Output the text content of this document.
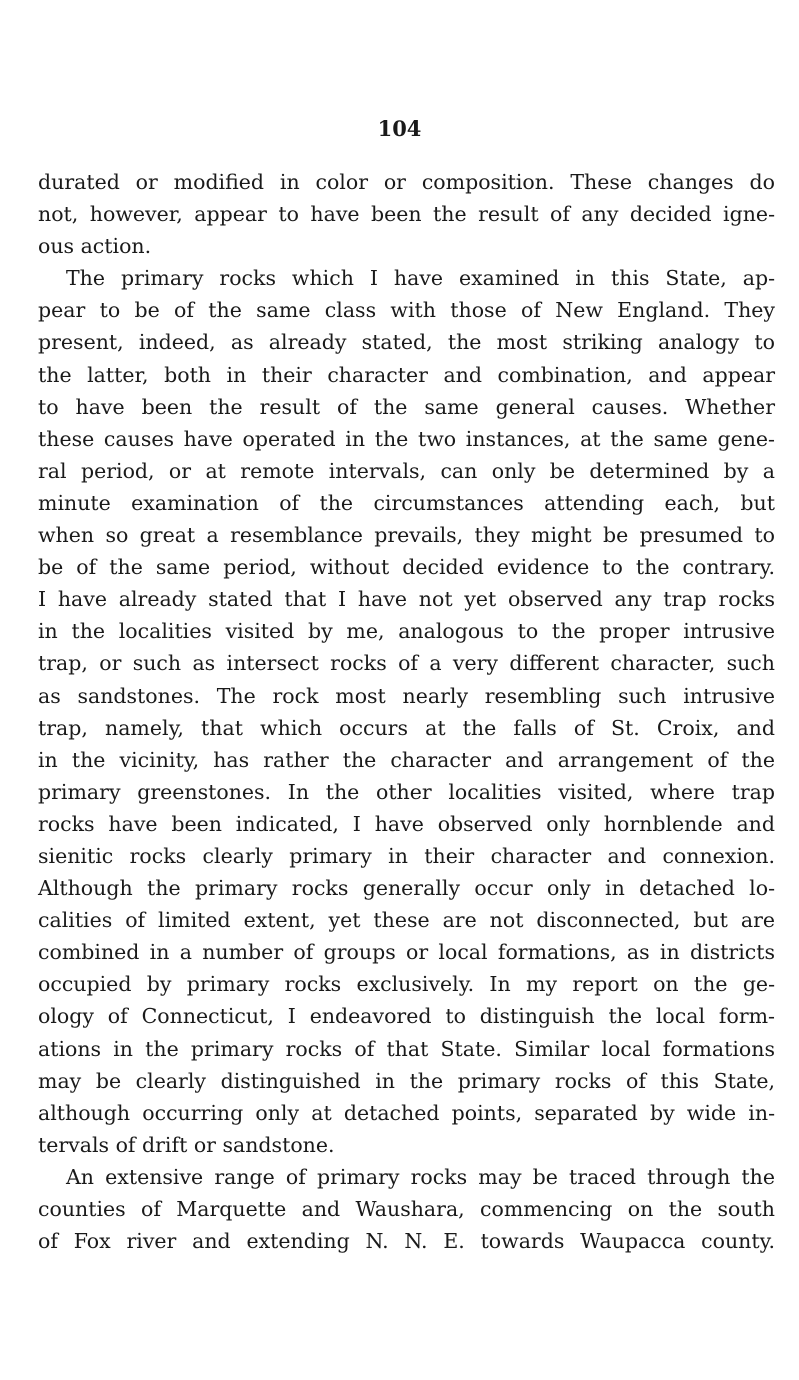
104
durated or modified in color or composition. These changes do
not, however, appear to have been the result of any decided igne-
ous action.
The primary rocks which I have examined in this State, ap-
pear to be of the same class with those of New England. They
present, indeed, as already stated, the most striking analogy to
the latter, both in their character and combination, and appear
to have been the result of the same general causes. Whether
these causes have operated in the two instances, at the same gene-
ral period, or at remote intervals, can only be determined by a
minute examination of the circumstances attending each, but
when so great a resemblance prevails, they might be presumed to
be of the same period, without decided evidence to the contrary.
I have already stated that I have not yet observed any trap rocks
in the localities visited by me, analogous to the proper intrusive
trap, or such as intersect rocks of a very different character, such
as sandstones. The rock most nearly resembling such intrusive
trap, namely, that which occurs at the falls of St. Croix, and
in the vicinity, has rather the character and arrangement of the
primary greenstones. In the other localities visited, where trap
rocks have been indicated, I have observed only hornblende and
sienitic rocks clearly primary in their character and connexion.
Although the primary rocks generally occur only in detached lo-
calities of limited extent, yet these are not disconnected, but are
combined in a number of groups or local formations, as in districts
occupied by primary rocks exclusively. In my report on the ge-
ology of Connecticut, I endeavored to distinguish the local form-
ations in the primary rocks of that State. Similar local formations
may be clearly distinguished in the primary rocks of this State,
although occurring only at detached points, separated by wide in-
tervals of drift or sandstone.
An extensive range of primary rocks may be traced through the
counties of Marquette and Waushara, commencing on the south
of Fox river and extending N. N. E. towards Waupacca county.
